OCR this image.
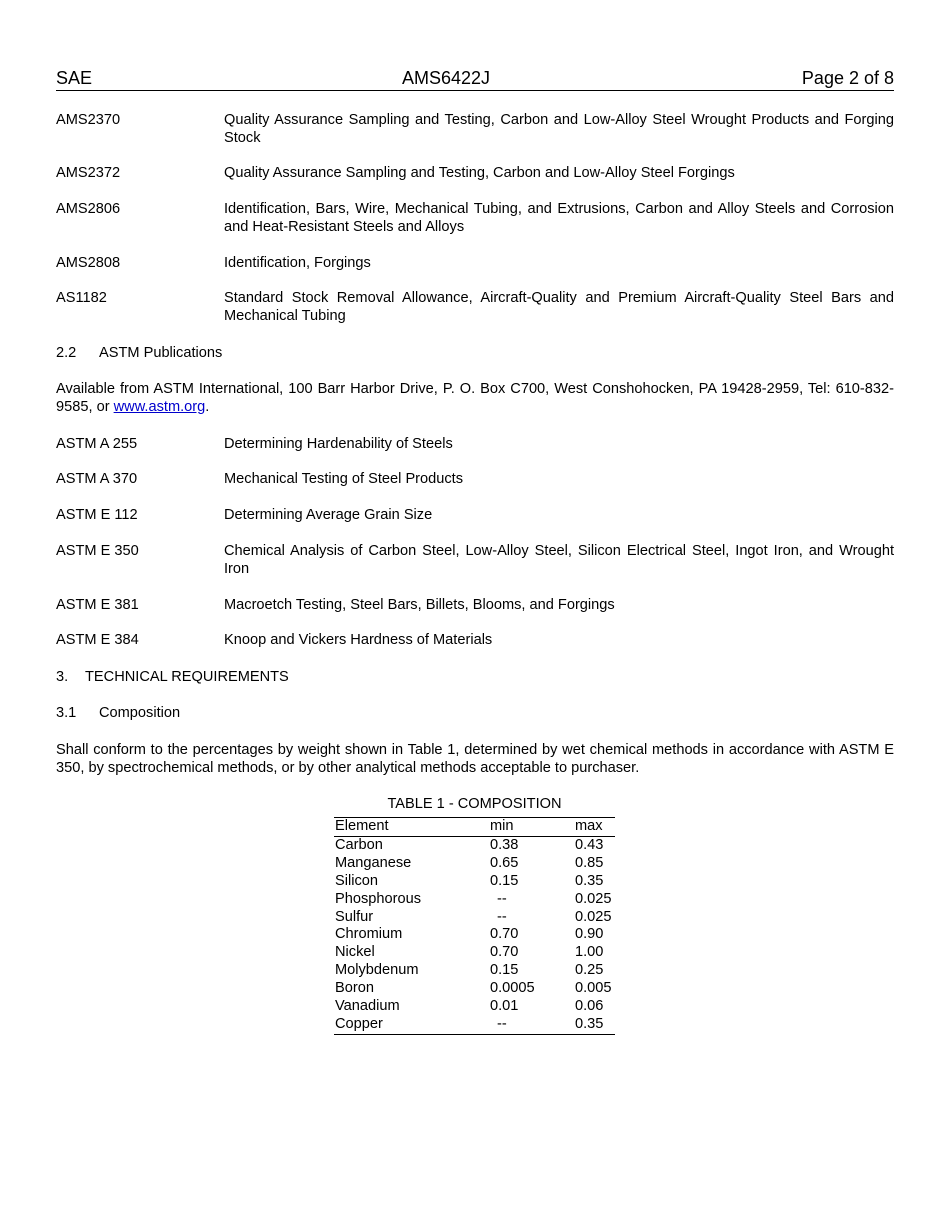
SAE	AMS6422J	Page 2 of 8
AMS2370	Quality Assurance Sampling and Testing, Carbon and Low-Alloy Steel Wrought Products and Forging Stock
AMS2372	Quality Assurance Sampling and Testing, Carbon and Low-Alloy Steel Forgings
AMS2806	Identification, Bars, Wire, Mechanical Tubing, and Extrusions, Carbon and Alloy Steels and Corrosion and Heat-Resistant Steels and Alloys
AMS2808	Identification, Forgings
AS1182	Standard Stock Removal Allowance, Aircraft-Quality and Premium Aircraft-Quality Steel Bars and Mechanical Tubing
2.2 ASTM Publications
Available from ASTM International, 100 Barr Harbor Drive, P. O. Box C700, West Conshohocken, PA 19428-2959, Tel: 610-832-9585, or www.astm.org.
ASTM A 255	Determining Hardenability of Steels
ASTM A 370	Mechanical Testing of Steel Products
ASTM E 112	Determining Average Grain Size
ASTM E 350	Chemical Analysis of Carbon Steel, Low-Alloy Steel, Silicon Electrical Steel, Ingot Iron, and Wrought Iron
ASTM E 381	Macroetch Testing, Steel Bars, Billets, Blooms, and Forgings
ASTM E 384	Knoop and Vickers Hardness of Materials
3. TECHNICAL REQUIREMENTS
3.1 Composition
Shall conform to the percentages by weight shown in Table 1, determined by wet chemical methods in accordance with ASTM E 350, by spectrochemical methods, or by other analytical methods acceptable to purchaser.
TABLE 1 - COMPOSITION
Element	min	max
Carbon	0.38	0.43
Manganese	0.65	0.85
Silicon	0.15	0.35
Phosphorous	--	0.025
Sulfur	--	0.025
Chromium	0.70	0.90
Nickel	0.70	1.00
Molybdenum	0.15	0.25
Boron	0.0005	0.005
Vanadium	0.01	0.06
Copper	--	0.35
